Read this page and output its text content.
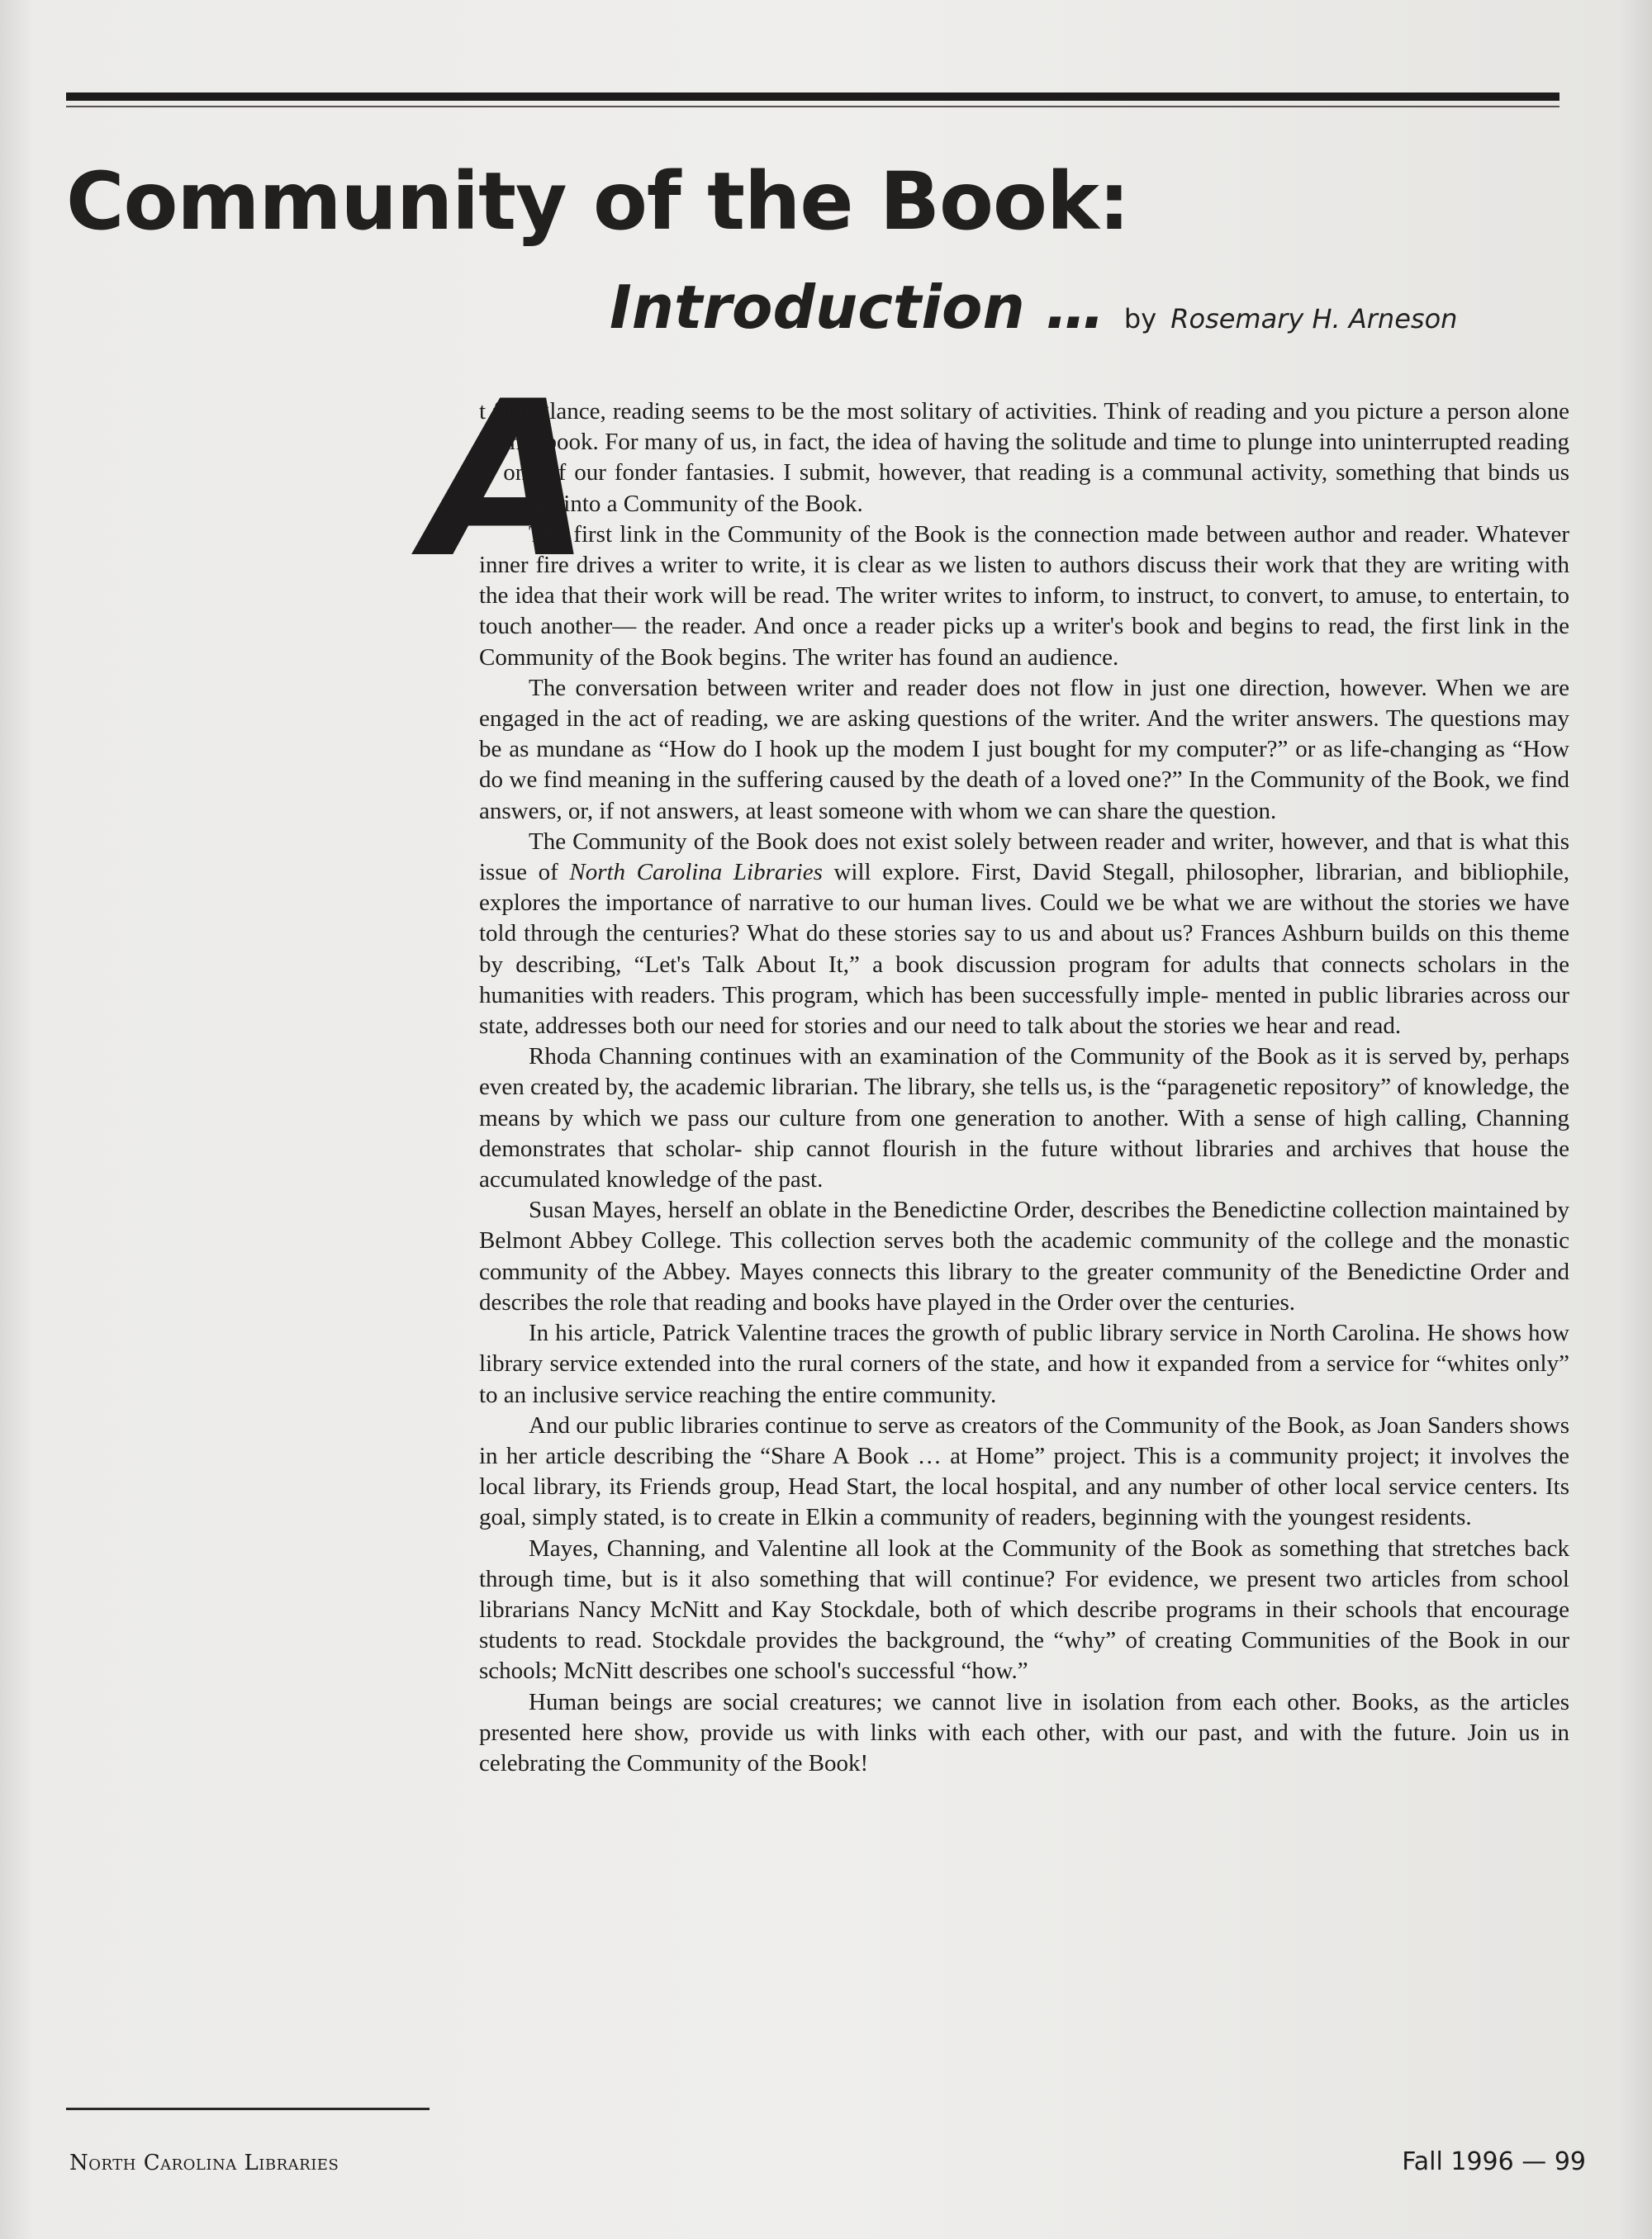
Community of the Book:
Introduction … by Rosemary H. Arneson
A

t first glance, reading seems to be the most solitary of activities. Think of reading and you picture a person alone with a book. For many of us, in fact, the idea of having the solitude and time to plunge into uninterrupted reading is one of our fonder fantasies. I submit, however, that reading is a communal activity, something that binds us together into a Community of the Book.

The first link in the Community of the Book is the connection made between author and reader. Whatever inner fire drives a writer to write, it is clear as we listen to authors discuss their work that they are writing with the idea that their work will be read. The writer writes to inform, to instruct, to convert, to amuse, to entertain, to touch another— the reader. And once a reader picks up a writer's book and begins to read, the first link in the Community of the Book begins. The writer has found an audience.

The conversation between writer and reader does not flow in just one direction, however. When we are engaged in the act of reading, we are asking questions of the writer. And the writer answers. The questions may be as mundane as “How do I hook up the modem I just bought for my computer?” or as life-changing as “How do we find meaning in the suffering caused by the death of a loved one?” In the Community of the Book, we find answers, or, if not answers, at least someone with whom we can share the question.

The Community of the Book does not exist solely between reader and writer, however, and that is what this issue of North Carolina Libraries will explore. First, David Stegall, philosopher, librarian, and bibliophile, explores the importance of narrative to our human lives. Could we be what we are without the stories we have told through the centuries? What do these stories say to us and about us? Frances Ashburn builds on this theme by describing, “Let's Talk About It,” a book discussion program for adults that connects scholars in the humanities with readers. This program, which has been successfully imple- mented in public libraries across our state, addresses both our need for stories and our need to talk about the stories we hear and read.

Rhoda Channing continues with an examination of the Community of the Book as it is served by, perhaps even created by, the academic librarian. The library, she tells us, is the “paragenetic repository” of knowledge, the means by which we pass our culture from one generation to another. With a sense of high calling, Channing demonstrates that scholar- ship cannot flourish in the future without libraries and archives that house the accumulated knowledge of the past.

Susan Mayes, herself an oblate in the Benedictine Order, describes the Benedictine collection maintained by Belmont Abbey College. This collection serves both the academic community of the college and the monastic community of the Abbey. Mayes connects this library to the greater community of the Benedictine Order and describes the role that reading and books have played in the Order over the centuries.

In his article, Patrick Valentine traces the growth of public library service in North Carolina. He shows how library service extended into the rural corners of the state, and how it expanded from a service for “whites only” to an inclusive service reaching the entire community.

And our public libraries continue to serve as creators of the Community of the Book, as Joan Sanders shows in her article describing the “Share A Book … at Home” project. This is a community project; it involves the local library, its Friends group, Head Start, the local hospital, and any number of other local service centers. Its goal, simply stated, is to create in Elkin a community of readers, beginning with the youngest residents.

Mayes, Channing, and Valentine all look at the Community of the Book as something that stretches back through time, but is it also something that will continue? For evidence, we present two articles from school librarians Nancy McNitt and Kay Stockdale, both of which describe programs in their schools that encourage students to read. Stockdale provides the background, the “why” of creating Communities of the Book in our schools; McNitt describes one school's successful “how.”

Human beings are social creatures; we cannot live in isolation from each other. Books, as the articles presented here show, provide us with links with each other, with our past, and with the future. Join us in celebrating the Community of the Book!

North Carolina Libraries	Fall 1996 — 99
